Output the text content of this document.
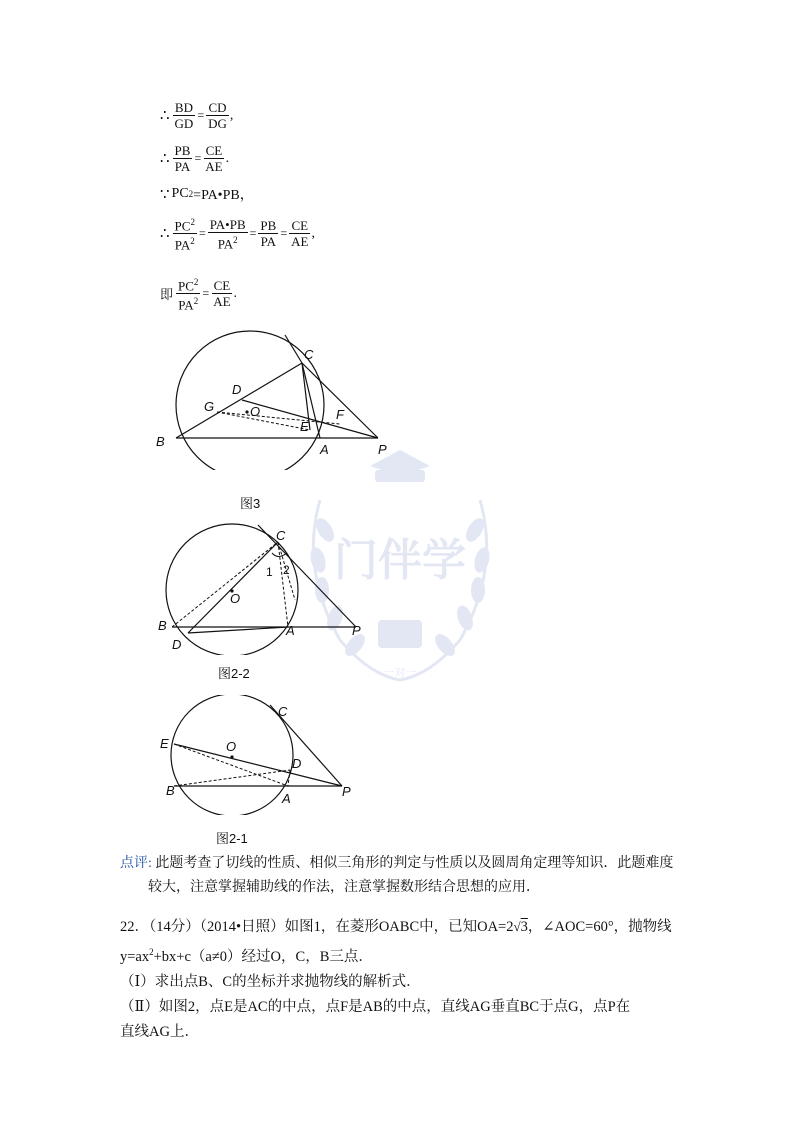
∴ $\frac{BD}{GD} = \frac{CD}{DG}$ ,
∴ $\frac{PB}{PA} = \frac{CE}{AE}$ .
∵ PC 2 =PA•PB，
∴ $\frac{PC^2}{PA^2} = \frac{PA•PB}{PA^2} = \frac{PB}{PA} = \frac{CE}{AE}$ ,
即 $\frac{PC^2}{PA^2} = \frac{CE}{AE}$ .
门伴学
一对一
B
C
D
G	O
E
F
A	P
图3
C
1 2
O
B	A	P
D
图2-2
C
E	O
D
B
A	P
图2-1
点评: 此题考查了切线的性质、相似三角形的判定与性质以及圆周角定理等知识．此题难度
较大，注意掌握辅助线的作法，注意掌握数形结合思想的应用．
22．（14分）（2014•日照）如图1，在菱形OABC中，已知OA=2√3，∠AOC=60°，抛物线
$y=ax^2+bx+c(a\ne 0)$经过O，C，B三点．
（Ⅰ）求出点B、C的坐标并求抛物线的解析式．
（Ⅱ）如图2，点E是AC的中点，点F是AB的中点，直线AG垂直BC于点G，点P在
直线AG上．
